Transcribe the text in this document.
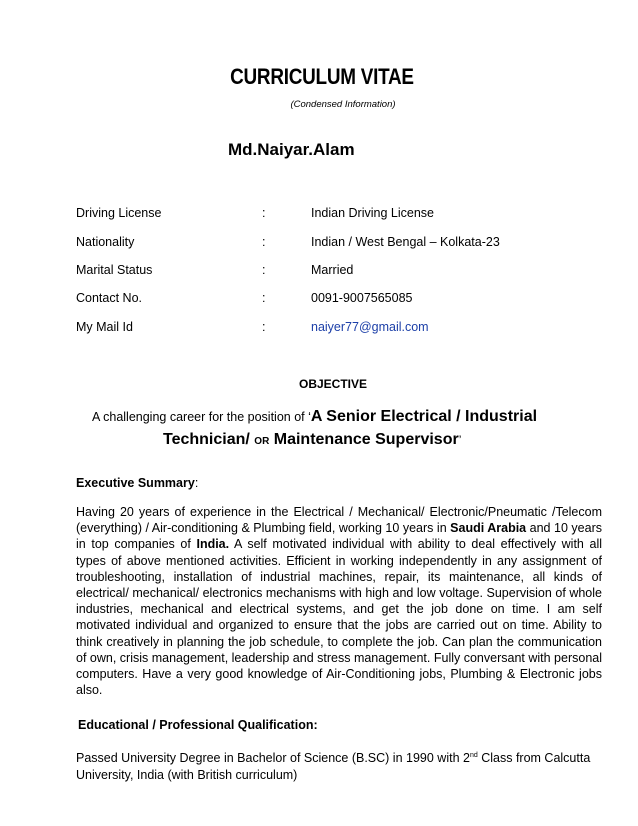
CURRICULUM VITAE
(Condensed Information)
Md.Naiyar.Alam
Driving License	:	Indian Driving License
Nationality	:	Indian / West Bengal – Kolkata-23
Marital Status	:	Married
Contact No.	:	0091-9007565085
My Mail Id	:	naiyer77@gmail.com
OBJECTIVE
A challenging career for the position of ‘A Senior Electrical / Industrial
Technician/ OR Maintenance Supervisor’
Executive Summary:
Having 20 years of experience in the Electrical / Mechanical/ Electronic/Pneumatic /Telecom (everything) / Air-conditioning & Plumbing field, working 10 years in Saudi Arabia and 10 years in top companies of India. A self motivated individual with ability to deal effectively with all types of above mentioned activities. Efficient in working independently in any assignment of troubleshooting, installation of industrial machines, repair, its maintenance, all kinds of electrical/ mechanical/ electronics mechanisms with high and low voltage. Supervision of whole industries, mechanical and electrical systems, and get the job done on time. I am self motivated individual and organized to ensure that the jobs are carried out on time. Ability to think creatively in planning the job schedule, to complete the job. Can plan the communication of own, crisis management, leadership and stress management. Fully conversant with personal computers. Have a very good knowledge of Air-Conditioning jobs, Plumbing & Electronic jobs also.
Educational / Professional Qualification:
Passed University Degree in Bachelor of Science (B.SC) in 1990 with 2nd Class from Calcutta University, India (with British curriculum)
